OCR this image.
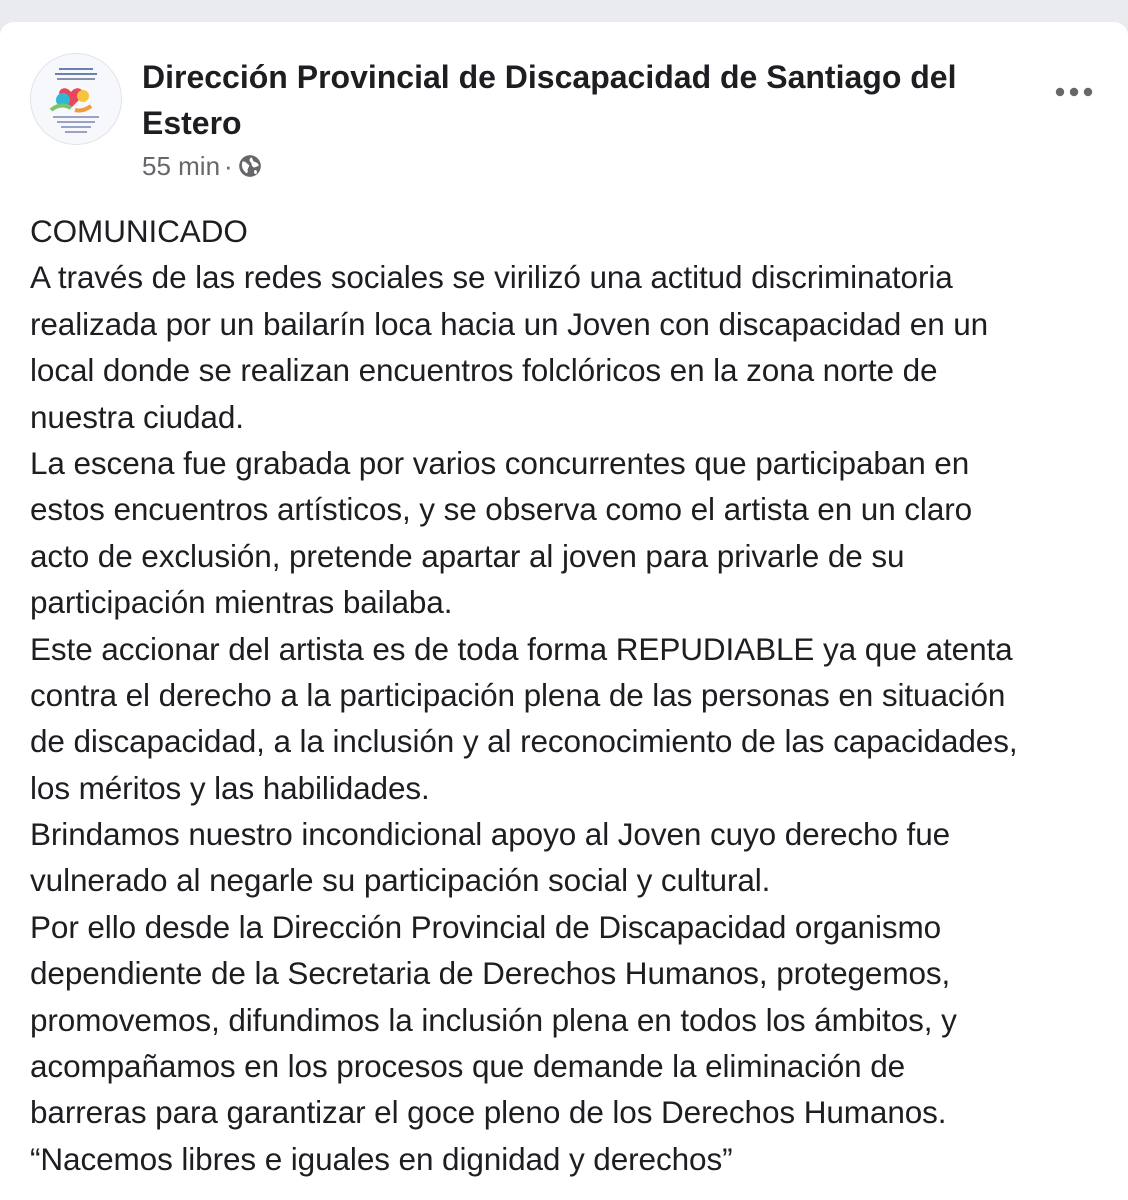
Dirección Provincial de Discapacidad de Santiago del Estero
55 min ·
COMUNICADO
A través de las redes sociales se virilizó una actitud discriminatoria
realizada por un bailarín loca hacia un Joven con discapacidad en un
local donde se realizan encuentros folclóricos en la zona norte de
nuestra ciudad.
La escena fue grabada por varios concurrentes que participaban en
estos encuentros artísticos, y se observa como el artista en un claro
acto de exclusión, pretende apartar al joven para privarle de su
participación mientras bailaba.
Este accionar del artista es de toda forma REPUDIABLE ya que atenta
contra el derecho a la participación plena de las personas en situación
de discapacidad, a la inclusión y al reconocimiento de las capacidades,
los méritos y las habilidades.
Brindamos nuestro incondicional apoyo al Joven cuyo derecho fue
vulnerado al negarle su participación social y cultural.
Por ello desde la Dirección Provincial de Discapacidad organismo
dependiente de la Secretaria de Derechos Humanos, protegemos,
promovemos, difundimos la inclusión plena en todos los ámbitos, y
acompañamos en los procesos que demande la eliminación de
barreras para garantizar el goce pleno de los Derechos Humanos.
“Nacemos libres e iguales en dignidad y derechos”
